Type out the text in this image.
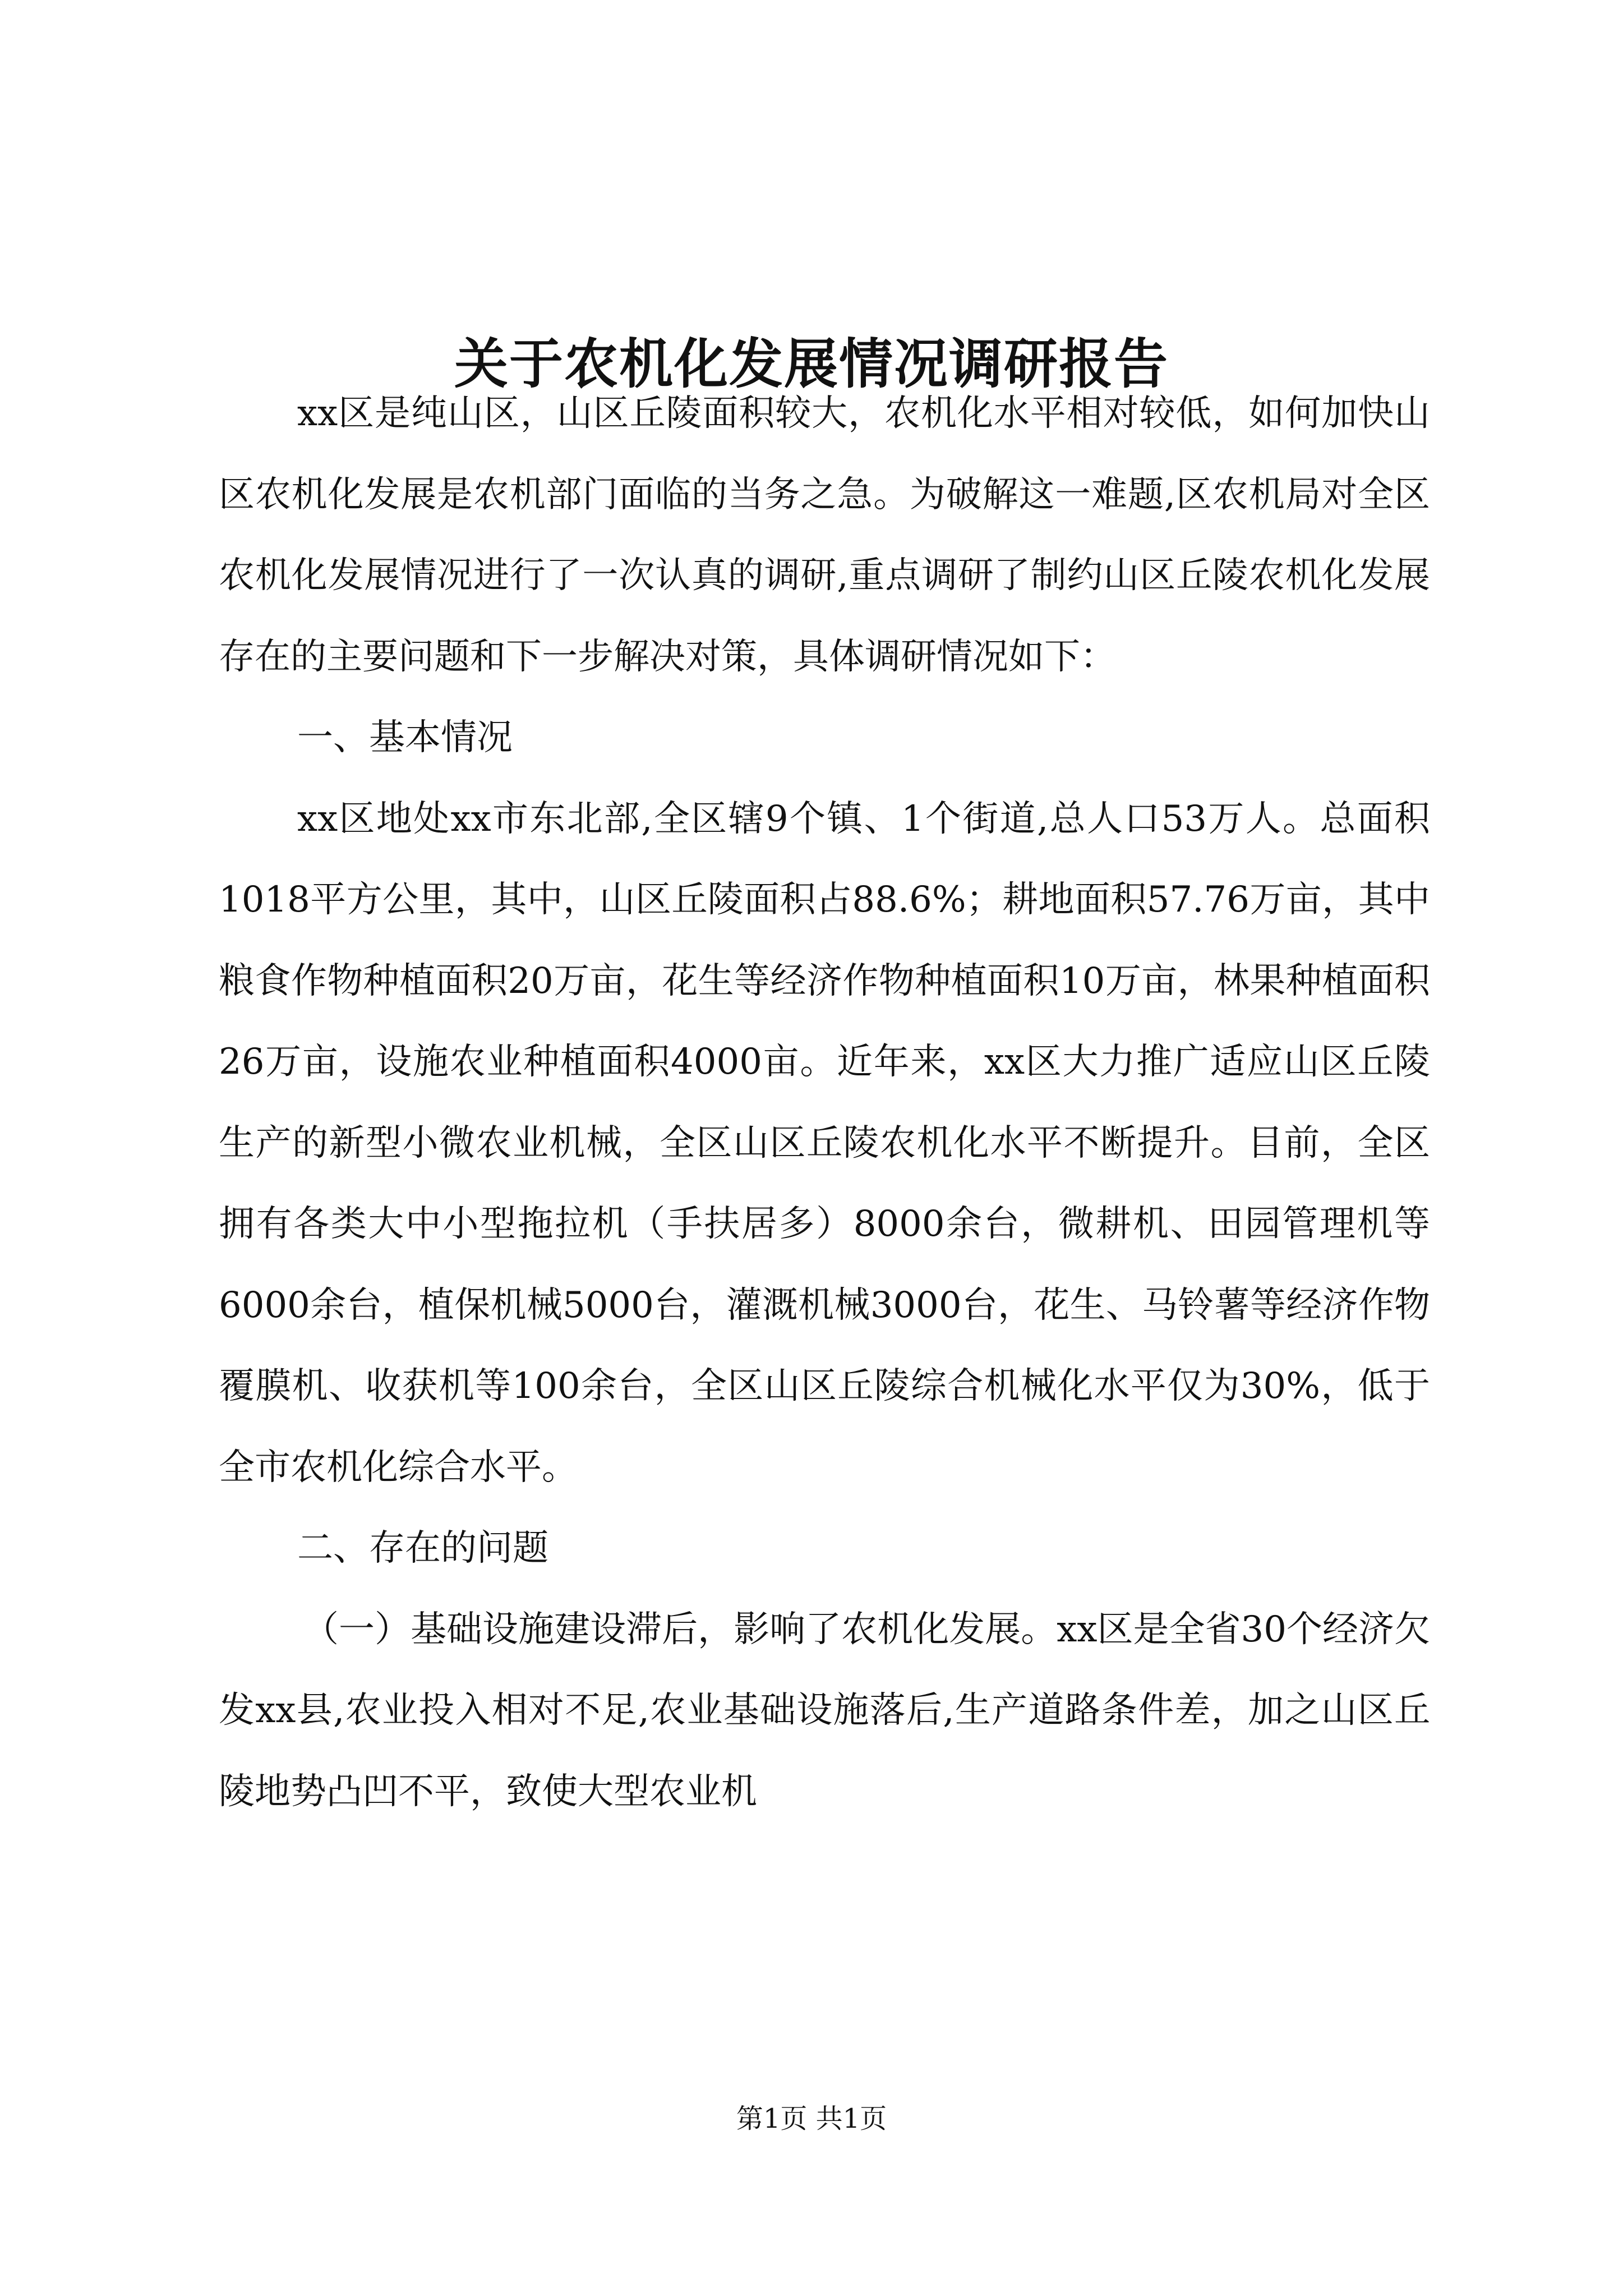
关于农机化发展情况调研报告

xx区是纯山区，山区丘陵面积较大，农机化水平相对较低，如何加快山区农机化发展是农机部门面临的当务之急。为破解这一难题,区农机局对全区农机化发展情况进行了一次认真的调研,重点调研了制约山区丘陵农机化发展存在的主要问题和下一步解决对策，具体调研情况如下：

一、基本情况

xx区地处xx市东北部,全区辖9个镇、1个街道,总人口53万人。总面积1018平方公里，其中，山区丘陵面积占88.6%；耕地面积57.76万亩，其中粮食作物种植面积20万亩，花生等经济作物种植面积10万亩，林果种植面积26万亩，设施农业种植面积4000亩。近年来，xx区大力推广适应山区丘陵生产的新型小微农业机械，全区山区丘陵农机化水平不断提升。目前，全区拥有各类大中小型拖拉机（手扶居多）8000余台，微耕机、田园管理机等6000余台，植保机械5000台，灌溉机械3000台，花生、马铃薯等经济作物覆膜机、收获机等100余台，全区山区丘陵综合机械化水平仅为30%，低于全市农机化综合水平。

二、存在的问题

（一）基础设施建设滞后，影响了农机化发展。xx区是全省30个经济欠发xx县,农业投入相对不足,农业基础设施落后,生产道路条件差，加之山区丘陵地势凸凹不平，致使大型农业机

第1页 共1页
